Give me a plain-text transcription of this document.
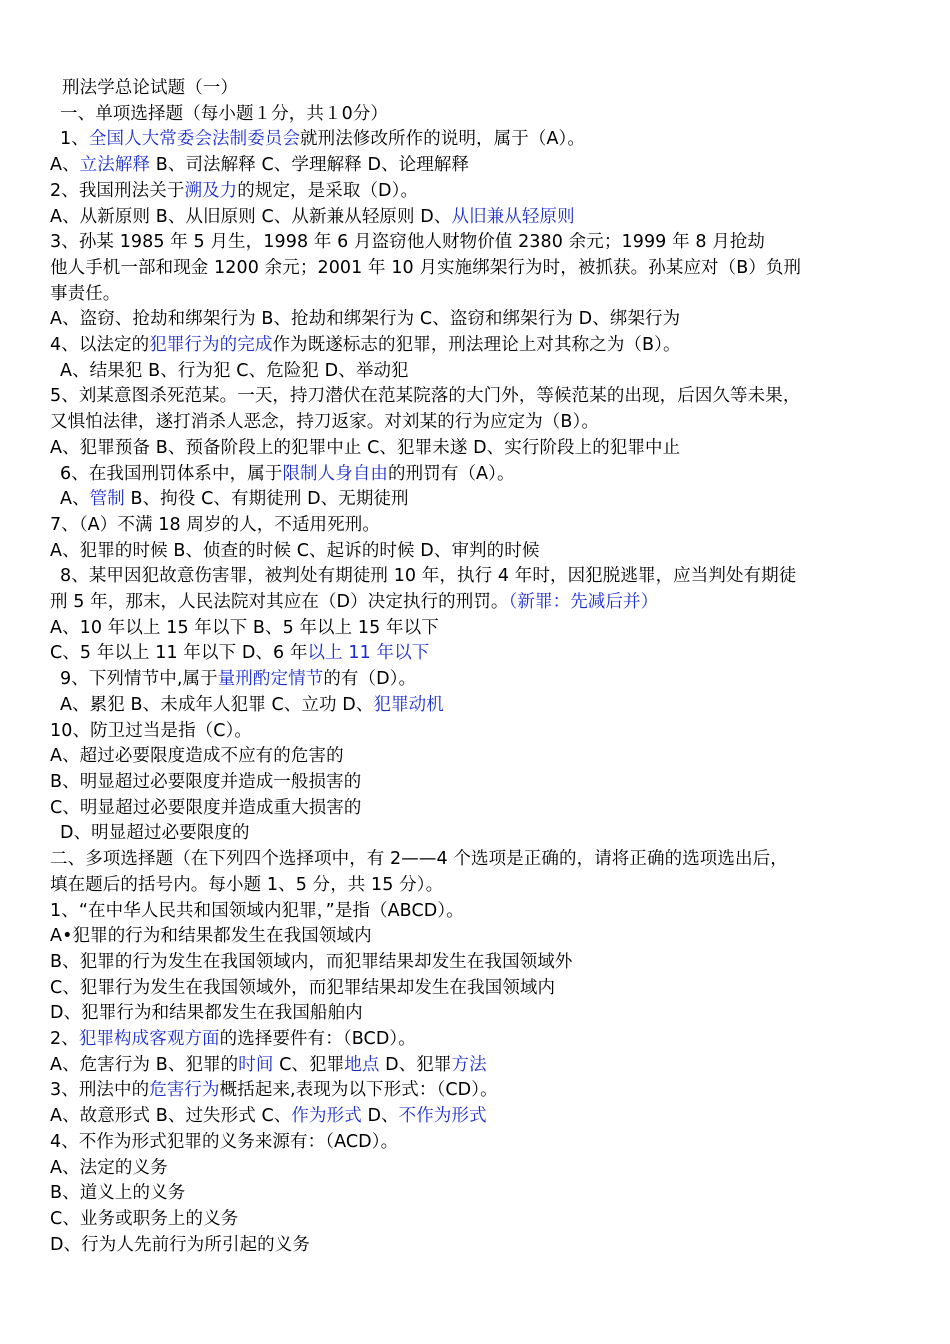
刑法学总论试题（一）
一、单项选择题（每小题１分，共１0分）
1、全国人大常委会法制委员会就刑法修改所作的说明，属于（A）。
A、立法解释 B、司法解释 C、学理解释 D、论理解释
2、我国刑法关于溯及力的规定，是采取（D）。
A、从新原则 B、从旧原则 C、从新兼从轻原则 D、从旧兼从轻原则
3、孙某 1985 年 5 月生，1998 年 6 月盗窃他人财物价值 2380 余元；1999 年 8 月抢劫
他人手机一部和现金 1200 余元；2001 年 10 月实施绑架行为时，被抓获。孙某应对（B）负刑
事责任。
A、盗窃、抢劫和绑架行为 B、抢劫和绑架行为 C、盗窃和绑架行为 D、绑架行为
4、以法定的犯罪行为的完成作为既遂标志的犯罪，刑法理论上对其称之为（B）。
A、结果犯 B、行为犯 C、危险犯 D、举动犯
5、刘某意图杀死范某。一天，持刀潜伏在范某院落的大门外，等候范某的出现，后因久等未果，
又惧怕法律，遂打消杀人恶念，持刀返家。对刘某的行为应定为（B）。
A、犯罪预备 B、预备阶段上的犯罪中止 C、犯罪未遂 D、实行阶段上的犯罪中止
6、在我国刑罚体系中，属于限制人身自由的刑罚有（A）。
A、管制 B、拘役 C、有期徒刑 D、无期徒刑
7、（A）不满 18 周岁的人，不适用死刑。
A、犯罪的时候 B、侦查的时候 C、起诉的时候 D、审判的时候
8、某甲因犯故意伤害罪，被判处有期徒刑 10 年，执行 4 年时，因犯脱逃罪，应当判处有期徒
刑 5 年，那末，人民法院对其应在（D）决定执行的刑罚。（新罪：先减后并）
A、10 年以上 15 年以下 B、5 年以上 15 年以下
C、5 年以上 11 年以下 D、6 年以上 11 年以下
9、下列情节中,属于量刑酌定情节的有（D）。
A、累犯 B、未成年人犯罪 C、立功 D、犯罪动机
10、防卫过当是指（C）。
A、超过必要限度造成不应有的危害的
B、明显超过必要限度并造成一般损害的
C、明显超过必要限度并造成重大损害的
D、明显超过必要限度的
二、多项选择题（在下列四个选择项中，有 2——4 个选项是正确的，请将正确的选项选出后，
填在题后的括号内。每小题 1、5 分，共 15 分）。
1、“在中华人民共和国领域内犯罪，”是指（ABCD）。
A•犯罪的行为和结果都发生在我国领域内
B、犯罪的行为发生在我国领域内，而犯罪结果却发生在我国领域外
C、犯罪行为发生在我国领域外，而犯罪结果却发生在我国领域内
D、犯罪行为和结果都发生在我国船舶内
2、犯罪构成客观方面的选择要件有：（BCD）。
A、危害行为 B、犯罪的时间 C、犯罪地点 D、犯罪方法
3、刑法中的危害行为概括起来,表现为以下形式：（CD）。
A、故意形式 B、过失形式 C、作为形式 D、不作为形式
4、不作为形式犯罪的义务来源有：（ACD）。
A、法定的义务
B、道义上的义务
C、业务或职务上的义务
D、行为人先前行为所引起的义务
